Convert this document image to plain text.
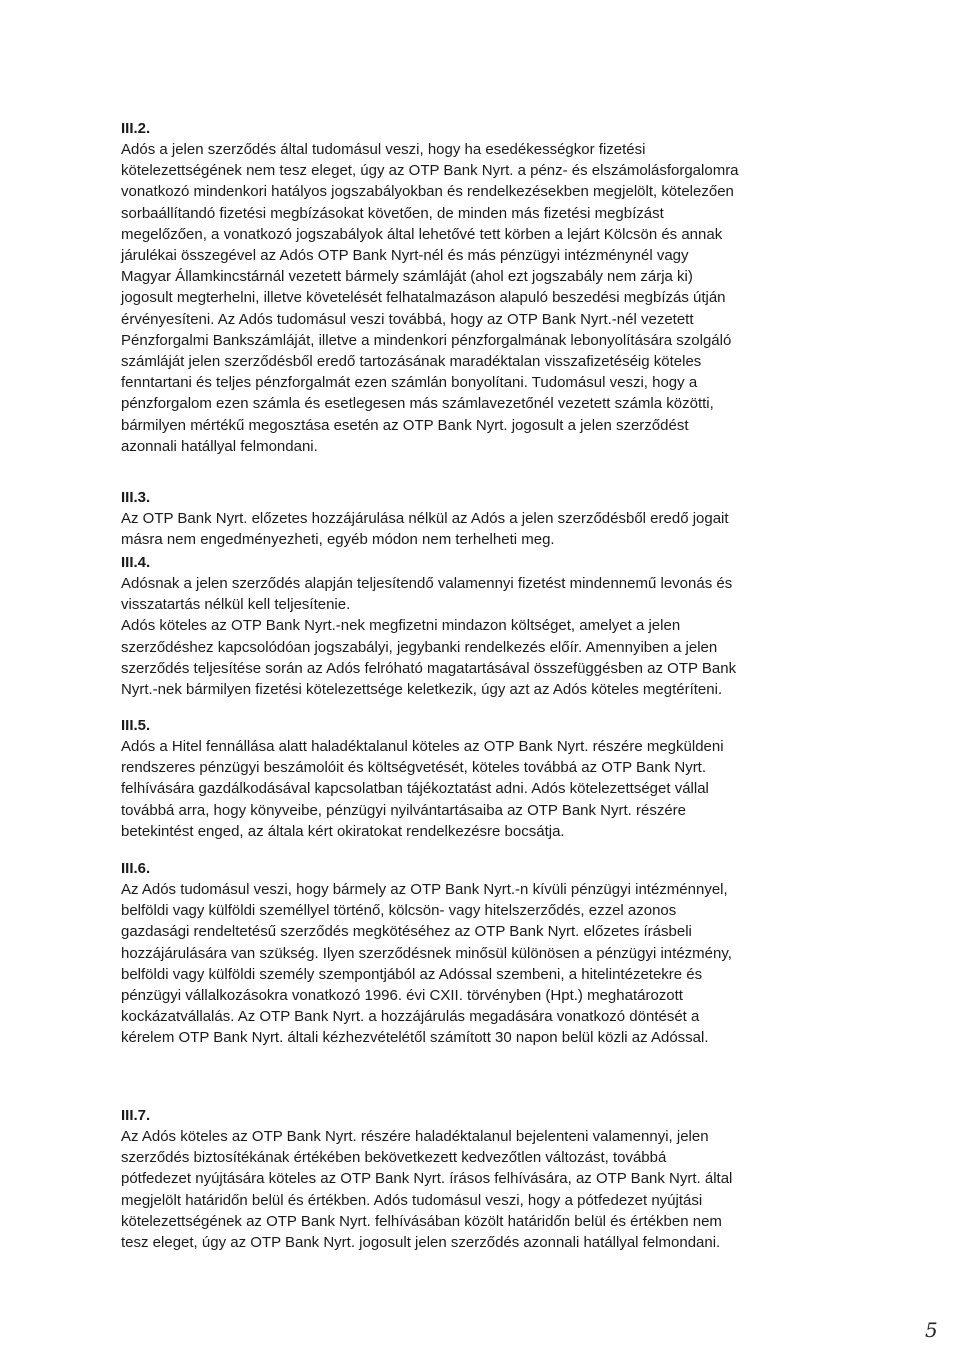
III.2.

Adós a jelen szerződés által tudomásul veszi, hogy ha esedékességkor fizetési
kötelezettségének nem tesz eleget, úgy az OTP Bank Nyrt. a pénz- és elszámolásforgalomra
vonatkozó mindenkori hatályos jogszabályokban és rendelkezésekben megjelölt, kötelezően
sorbaállítandó fizetési megbízásokat követően, de minden más fizetési megbízást
megelőzően, a vonatkozó jogszabályok által lehetővé tett körben a lejárt Kölcsön és annak
járulékai összegével az Adós OTP Bank Nyrt-nél és más pénzügyi intézménynél vagy
Magyar Államkincstárnál vezetett bármely számláját (ahol ezt jogszabály nem zárja ki)
jogosult megterhelni, illetve követelését felhatalmazáson alapuló beszedési megbízás útján
érvényesíteni. Az Adós tudomásul veszi továbbá, hogy az OTP Bank Nyrt.-nél vezetett
Pénzforgalmi Bankszámláját, illetve a mindenkori pénzforgalmának lebonyolítására szolgáló
számláját jelen szerződésből eredő tartozásának maradéktalan visszafizetéséig köteles
fenntartani és teljes pénzforgalmát ezen számlán bonyolítani. Tudomásul veszi, hogy a
pénzforgalom ezen számla és esetlegesen más számlavezetőnél vezetett számla közötti,
bármilyen mértékű megosztása esetén az OTP Bank Nyrt. jogosult a jelen szerződést
azonnali hatállyal felmondani.

III.3.

Az OTP Bank Nyrt. előzetes hozzájárulása nélkül az Adós a jelen szerződésből eredő jogait
másra nem engedményezheti, egyéb módon nem terhelheti meg.

III.4.

Adósnak a jelen szerződés alapján teljesítendő valamennyi fizetést mindennemű levonás és
visszatartás nélkül kell teljesítenie.

Adós köteles az OTP Bank Nyrt.-nek megfizetni mindazon költséget, amelyet a jelen
szerződéshez kapcsolódóan jogszabályi, jegybanki rendelkezés előír. Amennyiben a jelen
szerződés teljesítése során az Adós felróható magatartásával összefüggésben az OTP Bank
Nyrt.-nek bármilyen fizetési kötelezettsége keletkezik, úgy azt az Adós köteles megtéríteni.

III.5.

Adós a Hitel fennállása alatt haladéktalanul köteles az OTP Bank Nyrt. részére megküldeni
rendszeres pénzügyi beszámolóit és költségvetését, köteles továbbá az OTP Bank Nyrt.
felhívására gazdálkodásával kapcsolatban tájékoztatást adni. Adós kötelezettséget vállal
továbbá arra, hogy könyveibe, pénzügyi nyilvántartásaiba az OTP Bank Nyrt. részére
betekintést enged, az általa kért okiratokat rendelkezésre bocsátja.

III.6.

Az Adós tudomásul veszi, hogy bármely az OTP Bank Nyrt.-n kívüli pénzügyi intézménnyel,
belföldi vagy külföldi személlyel történő, kölcsön- vagy hitelszerződés, ezzel azonos
gazdasági rendeltetésű szerződés megkötéséhez az OTP Bank Nyrt. előzetes írásbeli
hozzájárulására van szükség. Ilyen szerződésnek minősül különösen a pénzügyi intézmény,
belföldi vagy külföldi személy szempontjából az Adóssal szembeni, a hitelintézetekre és
pénzügyi vállalkozásokra vonatkozó 1996. évi CXII. törvényben (Hpt.) meghatározott
kockázatvállalás. Az OTP Bank Nyrt. a hozzájárulás megadására vonatkozó döntését a
kérelem OTP Bank Nyrt. általi kézhezvételétől számított 30 napon belül közli az Adóssal.

III.7.

Az Adós köteles az OTP Bank Nyrt. részére haladéktalanul bejelenteni valamennyi, jelen
szerződés biztosítékának értékében bekövetkezett kedvezőtlen változást, továbbá
pótfedezet nyújtására köteles az OTP Bank Nyrt. írásos felhívására, az OTP Bank Nyrt. által
megjelölt határidőn belül és értékben. Adós tudomásul veszi, hogy a pótfedezet nyújtási
kötelezettségének az OTP Bank Nyrt. felhívásában közölt határidőn belül és értékben nem
tesz eleget, úgy az OTP Bank Nyrt. jogosult jelen szerződés azonnali hatállyal felmondani.

5
